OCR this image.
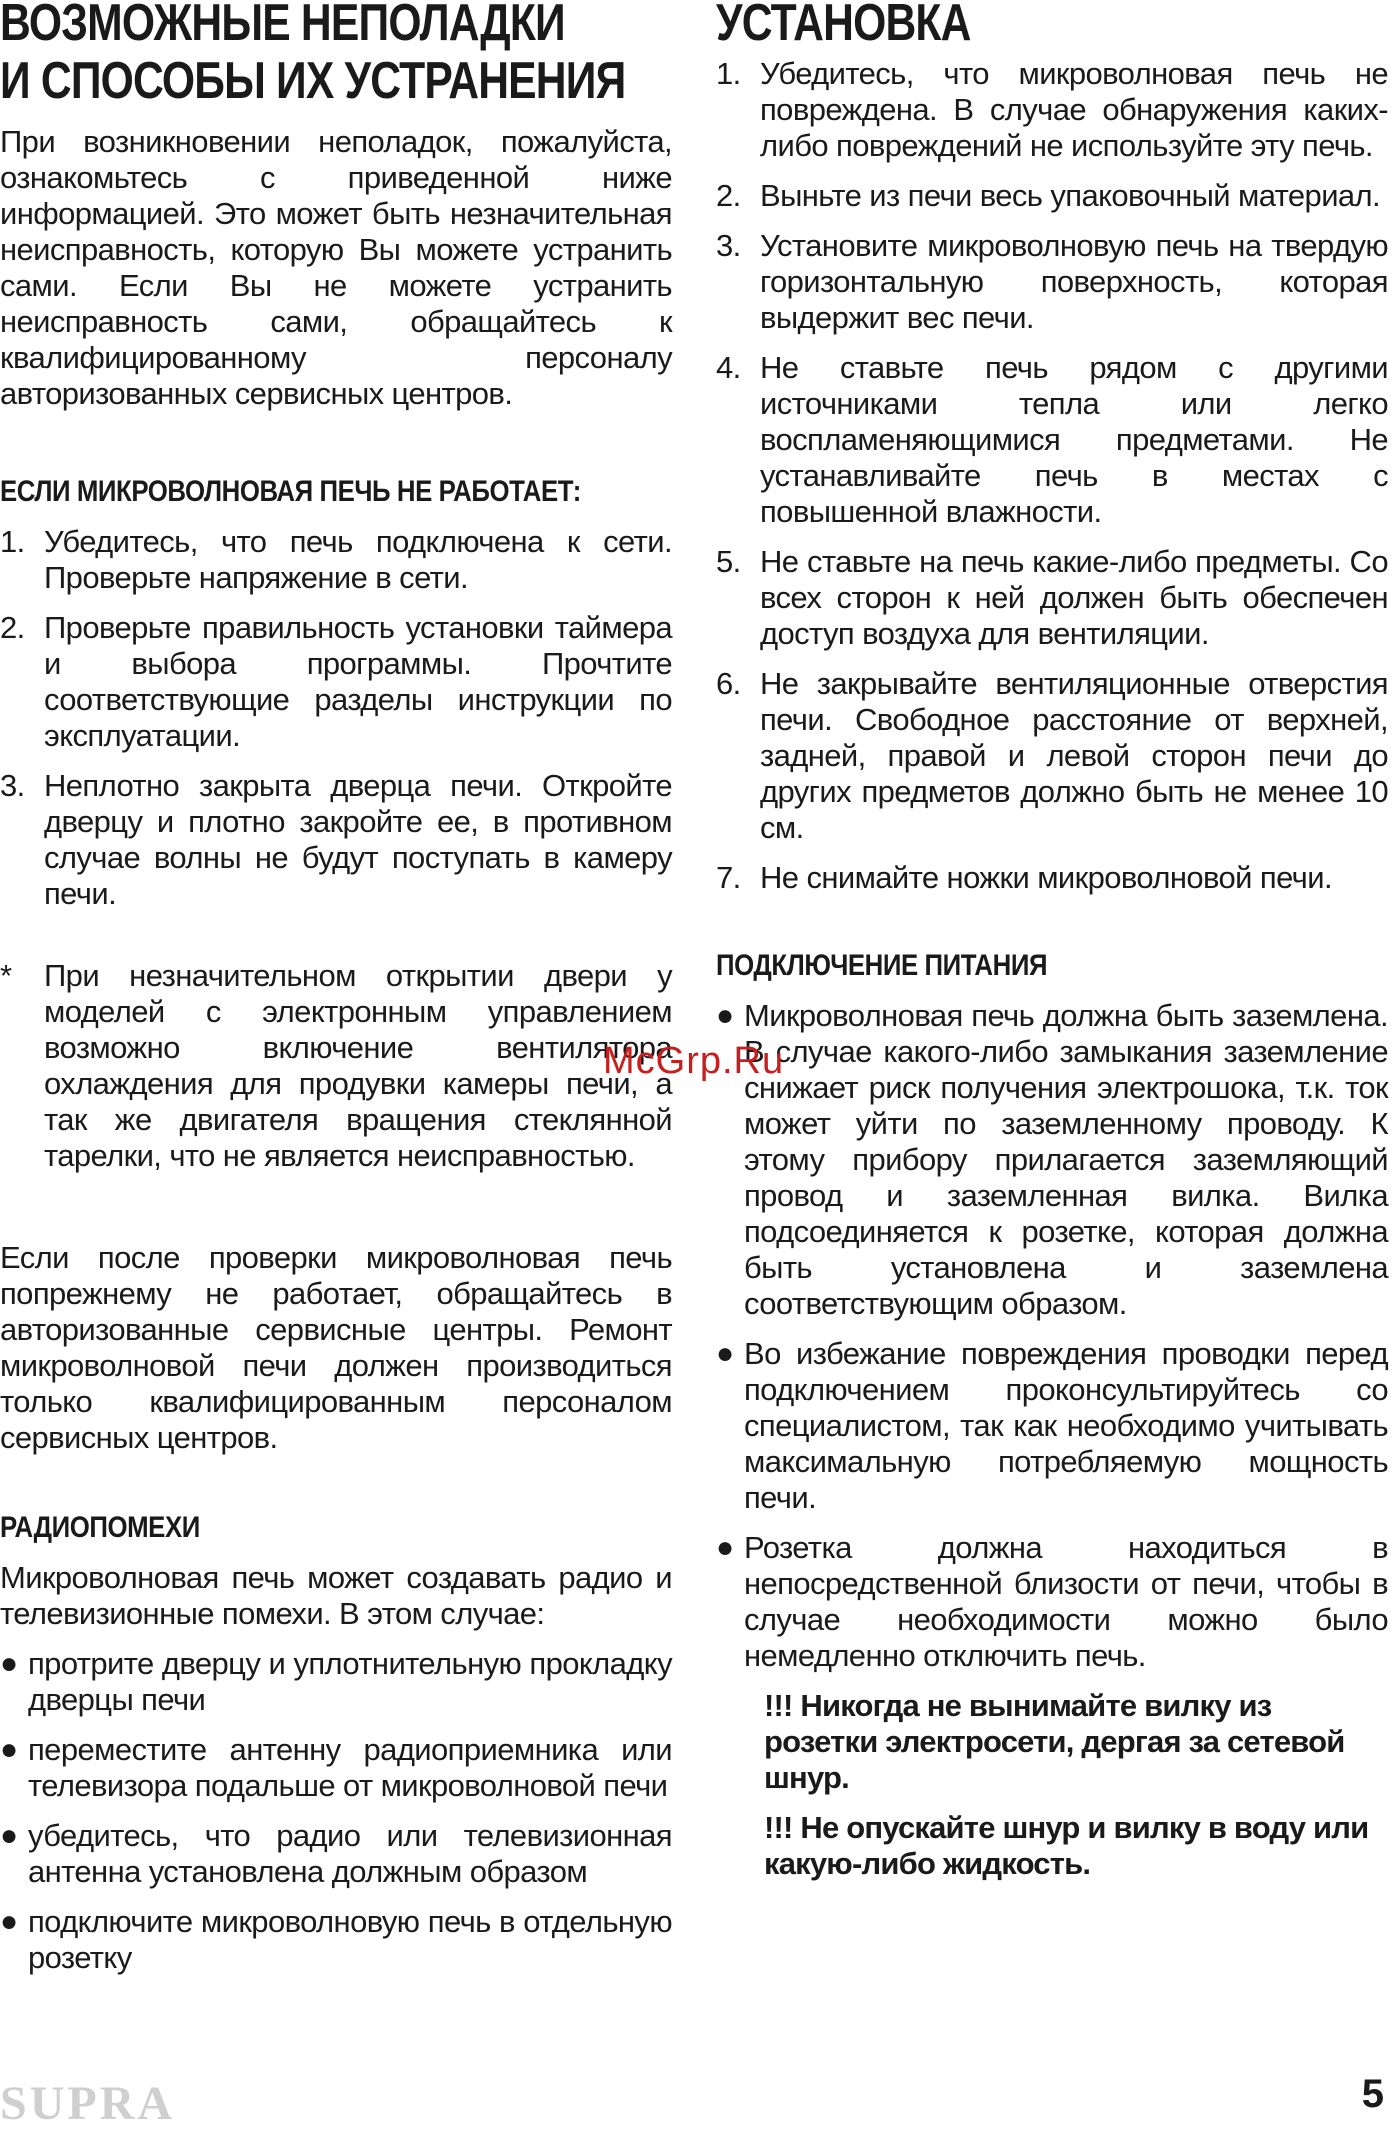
ВОЗМОЖНЫЕ НЕПОЛАДКИ
И СПОСОБЫ ИХ УСТРАНЕНИЯ

При возникновении неполадок, пожалуйста, ознакомьтесь с приведенной ниже информацией. Это может быть незначительная неисправность, которую Вы можете устранить сами. Если Вы не можете устранить неисправность сами, обращайтесь к квалифицированному персоналу авторизованных сервисных центров.

ЕСЛИ МИКРОВОЛНОВАЯ ПЕЧЬ НЕ РАБОТАЕТ:
1. Убедитесь, что печь подключена к сети. Проверьте напряжение в сети.
2. Проверьте правильность установки таймера и выбора программы. Прочтите соответствующие разделы инструкции по эксплуатации.
3. Неплотно закрыта дверца печи. Откройте дверцу и плотно закройте ее, в противном случае волны не будут поступать в камеру печи.
* При незначительном открытии двери у моделей с электронным управлением возможно включение вентилятора охлаждения для продувки камеры печи, а так же двигателя вращения стеклянной тарелки, что не является неисправностью.

Если после проверки микроволновая печь попрежнему не работает, обращайтесь в авторизованные сервисные центры. Ремонт микроволновой печи должен производиться только квалифицированным персоналом сервисных центров.

РАДИОПОМЕХИ

Микроволновая печь может создавать радио и телевизионные помехи. В этом случае:

● протрите дверцу и уплотнительную прокладку дверцы печи
● переместите антенну радиоприемника или телевизора подальше от микроволновой печи
● убедитесь, что радио или телевизионная антенна установлена должным образом
● подключите микроволновую печь в отдельную розетку
УСТАНОВКА
1. Убедитесь, что микроволновая печь не повреждена. В случае обнаружения каких-либо повреждений не используйте эту печь.
2. Выньте из печи весь упаковочный материал.
3. Установите микроволновую печь на твердую горизонтальную поверхность, которая выдержит вес печи.
4. Не ставьте печь рядом с другими источниками тепла или легко воспламеняющимися предметами. Не устанавливайте печь в местах с повышенной влажности.
5. Не ставьте на печь какие-либо предметы. Со всех сторон к ней должен быть обеспечен доступ воздуха для вентиляции.
6. Не закрывайте вентиляционные отверстия печи. Свободное расстояние от верхней, задней, правой и левой сторон печи до других предметов должно быть не менее 10 см.
7. Не снимайте ножки микроволновой печи.
ПОДКЛЮЧЕНИЕ ПИТАНИЯ
● Микроволновая печь должна быть заземлена. В случае какого-либо замыкания заземление снижает риск получения электрошока, т.к. ток может уйти по заземленному проводу. К этому прибору прилагается заземляющий провод и заземленная вилка. Вилка подсоединяется к розетке, которая должна быть установлена и заземлена соответствующим образом.
● Во избежание повреждения проводки перед подключением проконсультируйтесь со специалистом, так как необходимо учитывать максимальную потребляемую мощность печи.
● Розетка должна находиться в непосредственной близости от печи, чтобы в случае необходимости можно было немедленно отключить печь.

!!! Никогда не вынимайте вилку из розетки электросети, дергая за сетевой шнур.

!!! Не опускайте шнур и вилку в воду или какую-либо жидкость.

McGrp.Ru
SUPRA	5
